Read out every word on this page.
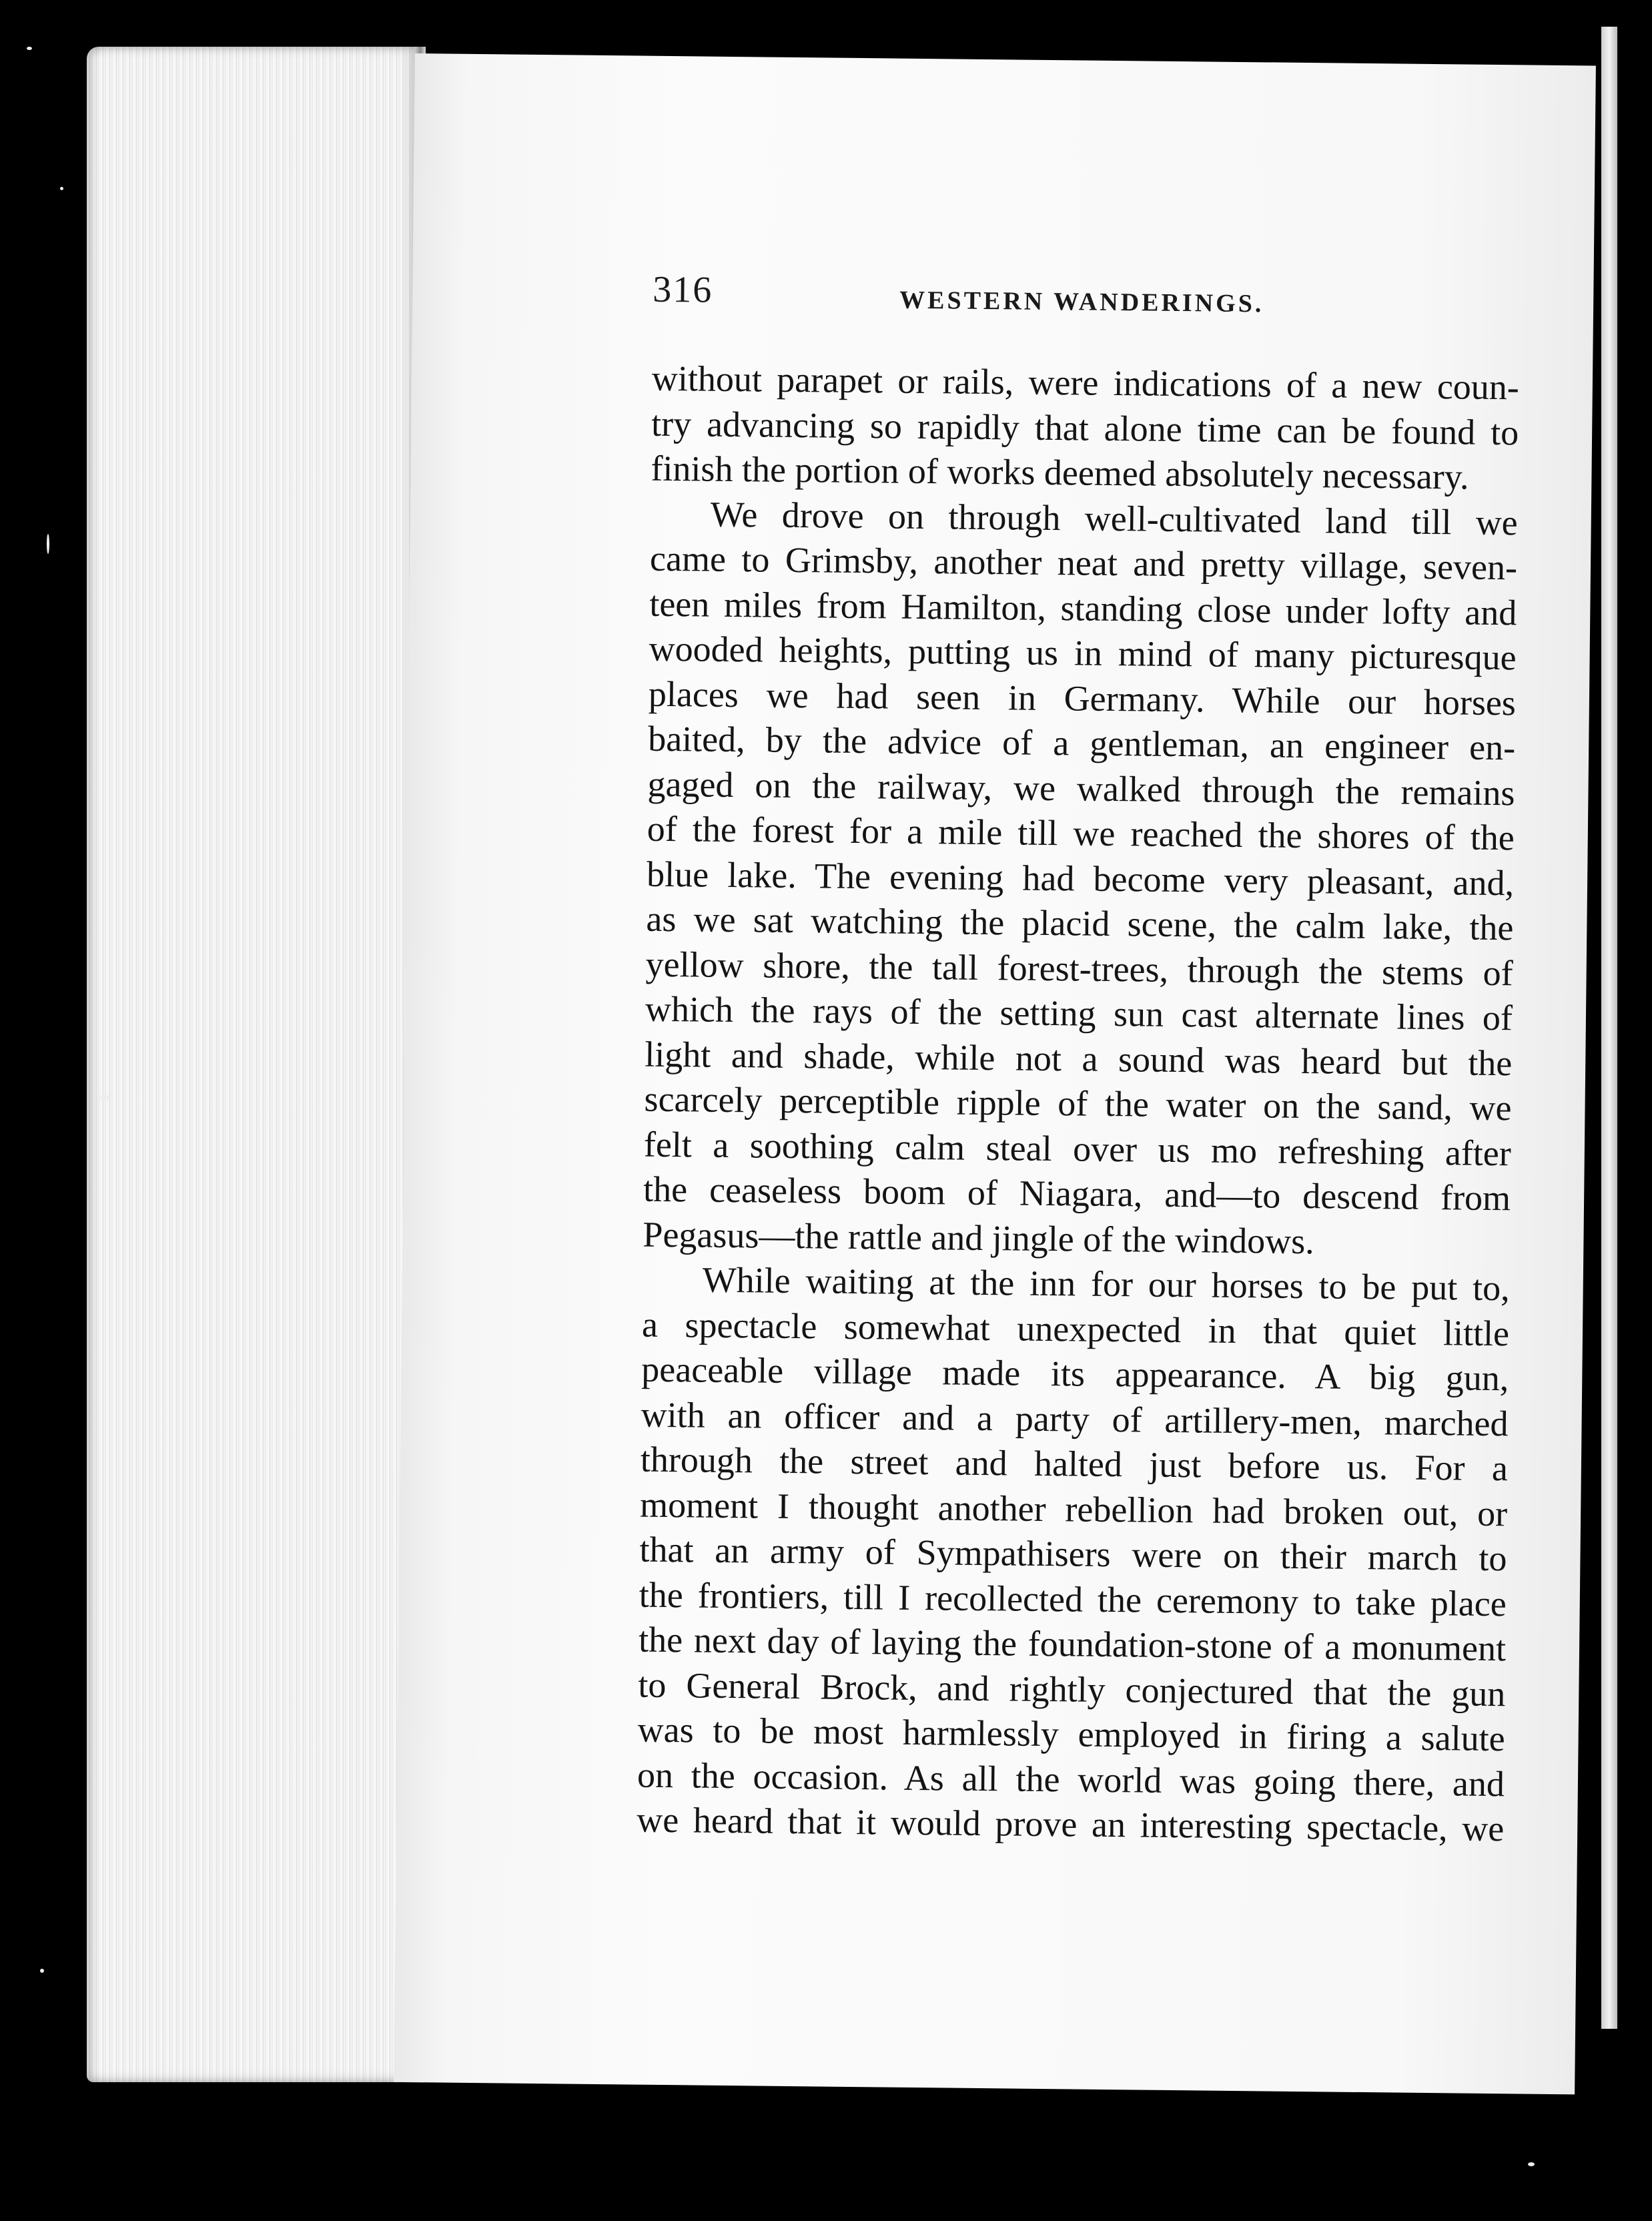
316	WESTERN WANDERINGS.
without parapet or rails, were indications of a new coun-
try advancing so rapidly that alone time can be found to
finish the portion of works deemed absolutely necessary.
We drove on through well-cultivated land till we
came to Grimsby, another neat and pretty village, seven-
teen miles from Hamilton, standing close under lofty and
wooded heights, putting us in mind of many picturesque
places we had seen in Germany. While our horses
baited, by the advice of a gentleman, an engineer en-
gaged on the railway, we walked through the remains
of the forest for a mile till we reached the shores of the
blue lake. The evening had become very pleasant, and,
as we sat watching the placid scene, the calm lake, the
yellow shore, the tall forest-trees, through the stems of
which the rays of the setting sun cast alternate lines of
light and shade, while not a sound was heard but the
scarcely perceptible ripple of the water on the sand, we
felt a soothing calm steal over us mo refreshing after
the ceaseless boom of Niagara, and—to descend from
Pegasus—the rattle and jingle of the windows.
While waiting at the inn for our horses to be put to,
a spectacle somewhat unexpected in that quiet little
peaceable village made its appearance. A big gun,
with an officer and a party of artillery-men, marched
through the street and halted just before us. For a
moment I thought another rebellion had broken out, or
that an army of Sympathisers were on their march to
the frontiers, till I recollected the ceremony to take place
the next day of laying the foundation-stone of a monument
to General Brock, and rightly conjectured that the gun
was to be most harmlessly employed in firing a salute
on the occasion. As all the world was going there, and
we heard that it would prove an interesting spectacle, we
